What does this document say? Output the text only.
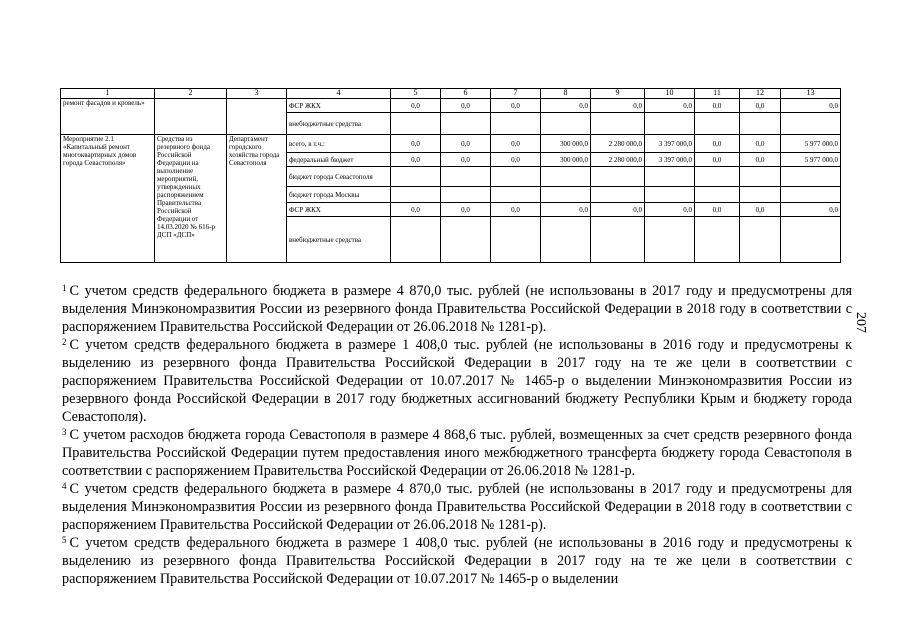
1	2	3	4	5	6	7	8	9	10	11	12	13
ремонт фасадов и кровель»			ФСР ЖКХ	0,0	0,0	0,0	0,0	0,0	0,0	0,0	0,0	0,0
			внебюджетные средства									
Мероприятие 2.1 «Капитальный ремонт многоквартирных домов города Севастополя»	Средства из резервного фонда Российской Федерации на выполнение мероприятий, утвержденных распоряжением Правительства Российской Федерации от 14.03.2020 № 616-р ДСП «ДСП»	Департамент городского хозяйства города Севастополя	всего, в т.ч.:	0,0	0,0	0,0	300 000,0	2 280 000,0	3 397 000,0	0,0	0,0	5 977 000,0
			федеральный бюджет	0,0	0,0	0,0	300 000,0	2 280 000,0	3 397 000,0	0,0	0,0	5 977 000,0
			бюджет города Севастополя									
			бюджет города Москвы									
			ФСР ЖКХ	0,0	0,0	0,0	0,0	0,0	0,0	0,0	0,0	0,0
			внебюджетные средства									

$^1$ С учетом средств федерального бюджета в размере 4 870,0 тыс. рублей (не использованы в 2017 году и предусмотрены для выделения Минэкономразвития России из резервного фонда Правительства Российской Федерации в 2018 году в соответствии с распоряжением Правительства Российской Федерации от 26.06.2018 № 1281-р).

$^2$ С учетом средств федерального бюджета в размере 1 408,0 тыс. рублей (не использованы в 2016 году и предусмотрены к выделению из резервного фонда Правительства Российской Федерации в 2017 году на те же цели в соответствии с распоряжением Правительства Российской Федерации от 10.07.2017 № 1465-р о выделении Минэкономразвития России из резервного фонда Российской Федерации в 2017 году бюджетных ассигнований бюджету Республики Крым и бюджету города Севастополя).

$^3$ С учетом расходов бюджета города Севастополя в размере 4 868,6 тыс. рублей, возмещенных за счет средств резервного фонда Правительства Российской Федерации путем предоставления иного межбюджетного трансферта бюджету города Севастополя в соответствии с распоряжением Правительства Российской Федерации от 26.06.2018 № 1281-р.

$^4$ С учетом средств федерального бюджета в размере 4 870,0 тыс. рублей (не использованы в 2017 году и предусмотрены для выделения Минэкономразвития России из резервного фонда Правительства Российской Федерации в 2018 году в соответствии с распоряжением Правительства Российской Федерации от 26.06.2018 № 1281-р).

$^5$ С учетом средств федерального бюджета в размере 1 408,0 тыс. рублей (не использованы в 2016 году и предусмотрены к выделению из резервного фонда Правительства Российской Федерации в 2017 году на те же цели в соответствии с распоряжением Правительства Российской Федерации от 10.07.2017 № 1465-р о выделении

207
